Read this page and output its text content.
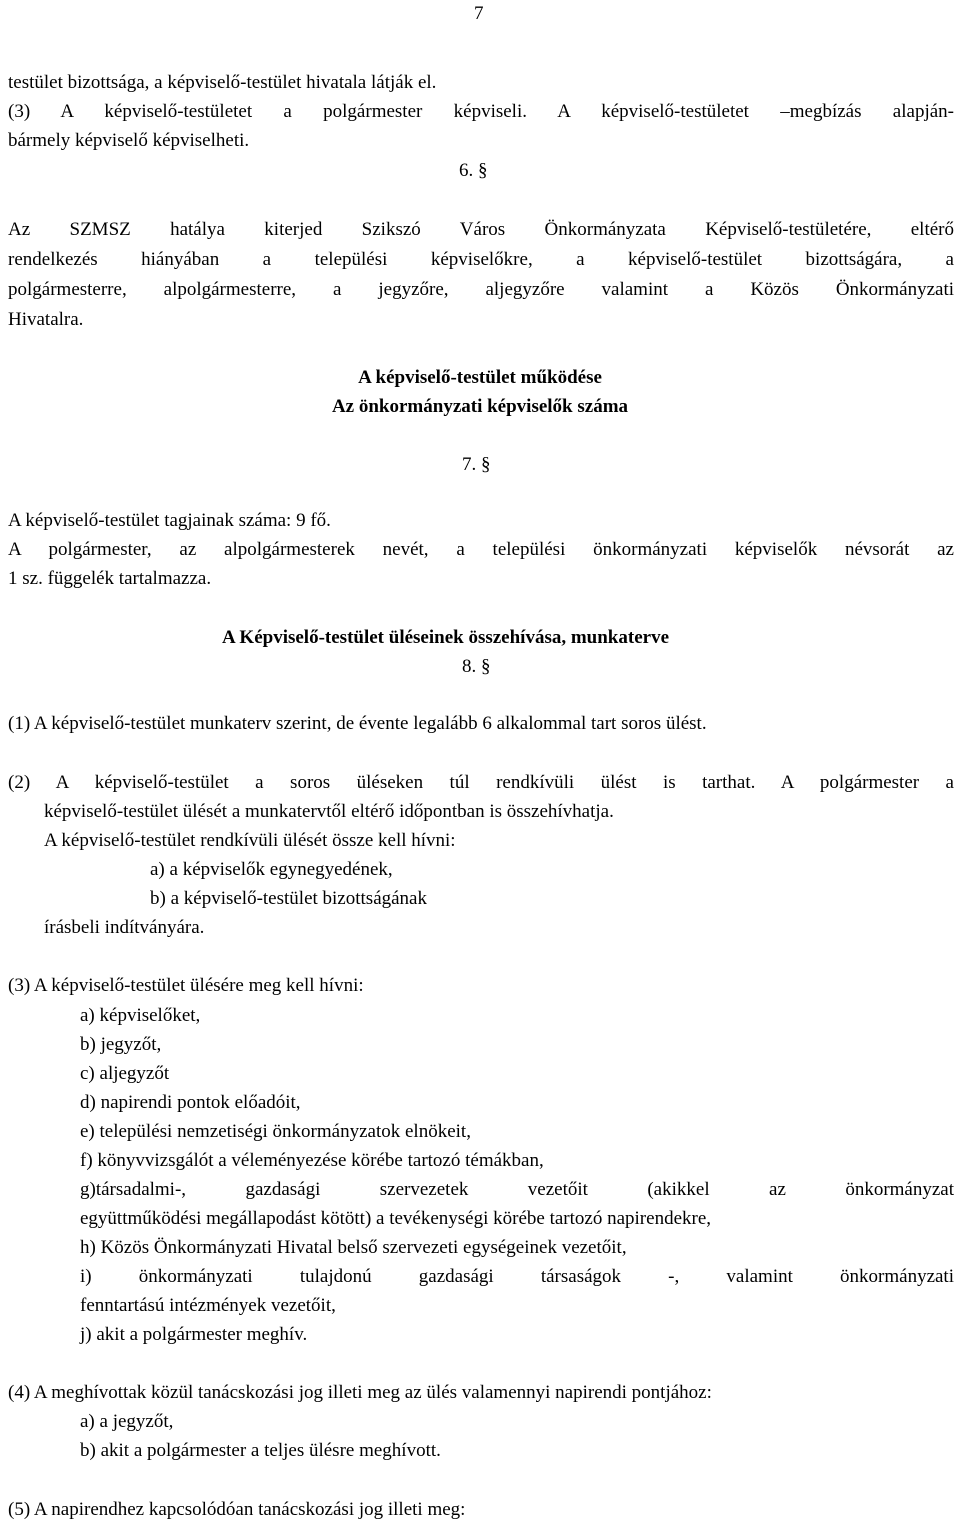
7
testület bizottsága, a képviselő-testület hivatala látják el.
(3) A képviselő-testületet a polgármester képviseli. A képviselő-testületet –megbízás alapján-
bármely képviselő képviselheti.
6. §
Az SZMSZ hatálya kiterjed Szikszó Város Önkormányzata Képviselő-testületére, eltérő
rendelkezés hiányában a települési képviselőkre, a képviselő-testület bizottságára, a
polgármesterre, alpolgármesterre, a jegyzőre, aljegyzőre valamint a Közös Önkormányzati
Hivatalra.
A képviselő-testület működése
Az önkormányzati képviselők száma
7. §
A képviselő-testület tagjainak száma: 9 fő.
A polgármester, az alpolgármesterek nevét, a települési önkormányzati képviselők névsorát az
1 sz. függelék tartalmazza.
A Képviselő-testület üléseinek összehívása, munkaterve
8. §
(1) A képviselő-testület munkaterv szerint, de évente legalább 6 alkalommal tart soros ülést.
(2) A képviselő-testület a soros üléseken túl rendkívüli ülést is tarthat. A polgármester a
képviselő-testület ülését a munkatervtől eltérő időpontban is összehívhatja.
A képviselő-testület rendkívüli ülését össze kell hívni:
a) a képviselők egynegyedének,
b) a képviselő-testület bizottságának
írásbeli indítványára.
(3) A képviselő-testület ülésére meg kell hívni:
a) képviselőket,
b) jegyzőt,
c) aljegyzőt
d) napirendi pontok előadóit,
e) települési nemzetiségi önkormányzatok elnökeit,
f) könyvvizsgálót a véleményezése körébe tartozó témákban,
g)társadalmi-, gazdasági szervezetek vezetőit (akikkel az önkormányzat
együttműködési megállapodást kötött) a tevékenységi körébe tartozó napirendekre,
h) Közös Önkormányzati Hivatal belső szervezeti egységeinek vezetőit,
i) önkormányzati tulajdonú gazdasági társaságok -, valamint önkormányzati
fenntartású intézmények vezetőit,
j) akit a polgármester meghív.
(4) A meghívottak közül tanácskozási jog illeti meg az ülés valamennyi napirendi pontjához:
a) a jegyzőt,
b) akit a polgármester a teljes ülésre meghívott.
(5) A napirendhez kapcsolódóan tanácskozási jog illeti meg:
